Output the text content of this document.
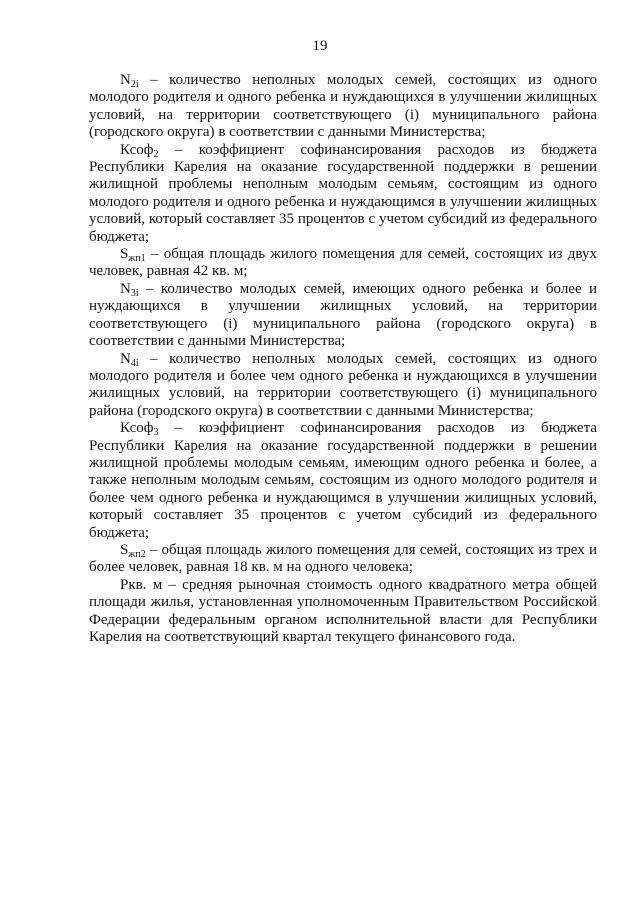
19

$N_{2i}$ – количество неполных молодых семей, состоящих из одного молодого родителя и одного ребенка и нуждающихся в улучшении жилищных условий, на территории соответствующего (i) муниципального района (городского округа) в соответствии с данными Министерства;

Ксоф$_2$ – коэффициент софинансирования расходов из бюджета Республики Карелия на оказание государственной поддержки в решении жилищной проблемы неполным молодым семьям, состоящим из одного молодого родителя и одного ребенка и нуждающимся в улучшении жилищных условий, который составляет 35 процентов с учетом субсидий из федерального бюджета;

$S_{жп1}$ – общая площадь жилого помещения для семей, состоящих из двух человек, равная 42 кв. м;

$N_{3i}$ – количество молодых семей, имеющих одного ребенка и более и нуждающихся в улучшении жилищных условий, на территории соответствующего (i) муниципального района (городского округа) в соответствии с данными Министерства;

$N_{4i}$ – количество неполных молодых семей, состоящих из одного молодого родителя и более чем одного ребенка и нуждающихся в улучшении жилищных условий, на территории соответствующего (i) муниципального района (городского округа) в соответствии с данными Министерства;

Ксоф$_3$ – коэффициент софинансирования расходов из бюджета Республики Карелия на оказание государственной поддержки в решении жилищной проблемы молодым семьям, имеющим одного ребенка и более, а также неполным молодым семьям, состоящим из одного молодого родителя и более чем одного ребенка и нуждающимся в улучшении жилищных условий, который составляет 35 процентов с учетом субсидий из федерального бюджета;

$S_{жп2}$ – общая площадь жилого помещения для семей, состоящих из трех и более человек, равная 18 кв. м на одного человека;

Ркв. м – средняя рыночная стоимость одного квадратного метра общей площади жилья, установленная уполномоченным Правительством Российской Федерации федеральным органом исполнительной власти для Республики Карелия на соответствующий квартал текущего финансового года.
